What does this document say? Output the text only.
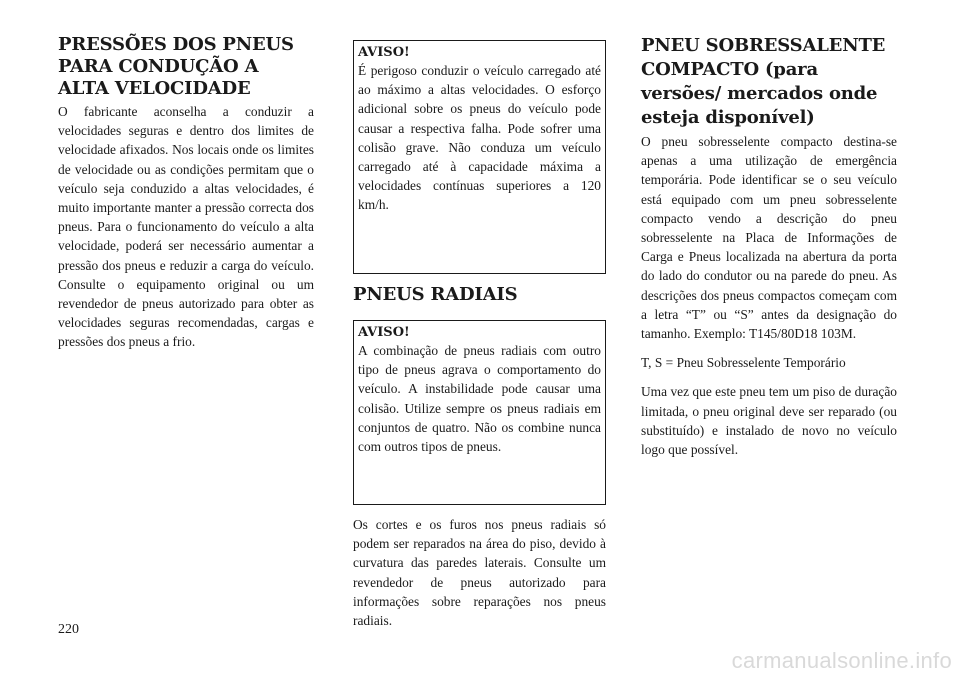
PRESSÕES DOS PNEUS PARA CONDUÇÃO A ALTA VELOCIDADE

O fabricante aconselha a conduzir a velocidades seguras e dentro dos limites de velocidade afixados. Nos locais onde os limites de velocidade ou as condições permitam que o veículo seja conduzido a altas velocidades, é muito importante manter a pressão correcta dos pneus. Para o funcionamento do veículo a alta velocidade, poderá ser necessário aumentar a pressão dos pneus e reduzir a carga do veículo. Consulte o equipamento original ou um revendedor de pneus autorizado para obter as velocidades seguras recomendadas, cargas e pressões dos pneus a frio.

AVISO!

É perigoso conduzir o veículo carregado até ao máximo a altas velocidades. O esforço adicional sobre os pneus do veículo pode causar a respectiva falha. Pode sofrer uma colisão grave. Não conduza um veículo carregado até à capacidade máxima a velocidades contínuas superiores a 120 km/h.

PNEUS RADIAIS
AVISO!

A combinação de pneus radiais com outro tipo de pneus agrava o comportamento do veículo. A instabilidade pode causar uma colisão. Utilize sempre os pneus radiais em conjuntos de quatro. Não os combine nunca com outros tipos de pneus.

Os cortes e os furos nos pneus radiais só podem ser reparados na área do piso, devido à curvatura das paredes laterais. Consulte um revendedor de pneus autorizado para informações sobre reparações nos pneus radiais.

PNEU SOBRESSALENTE COMPACTO (para versões/ mercados onde esteja disponível)

O pneu sobresselente compacto destina-se apenas a uma utilização de emergência temporária. Pode identificar se o seu veículo está equipado com um pneu sobresselente compacto vendo a descrição do pneu sobresselente na Placa de Informações de Carga e Pneus localizada na abertura da porta do lado do condutor ou na parede do pneu. As descrições dos pneus compactos começam com a letra “T” ou “S” antes da designação do tamanho. Exemplo: T145/80D18 103M.

T, S = Pneu Sobresselente Temporário

Uma vez que este pneu tem um piso de duração limitada, o pneu original deve ser reparado (ou substituído) e instalado de novo no veículo logo que possível.

220
carmanualsonline.info
